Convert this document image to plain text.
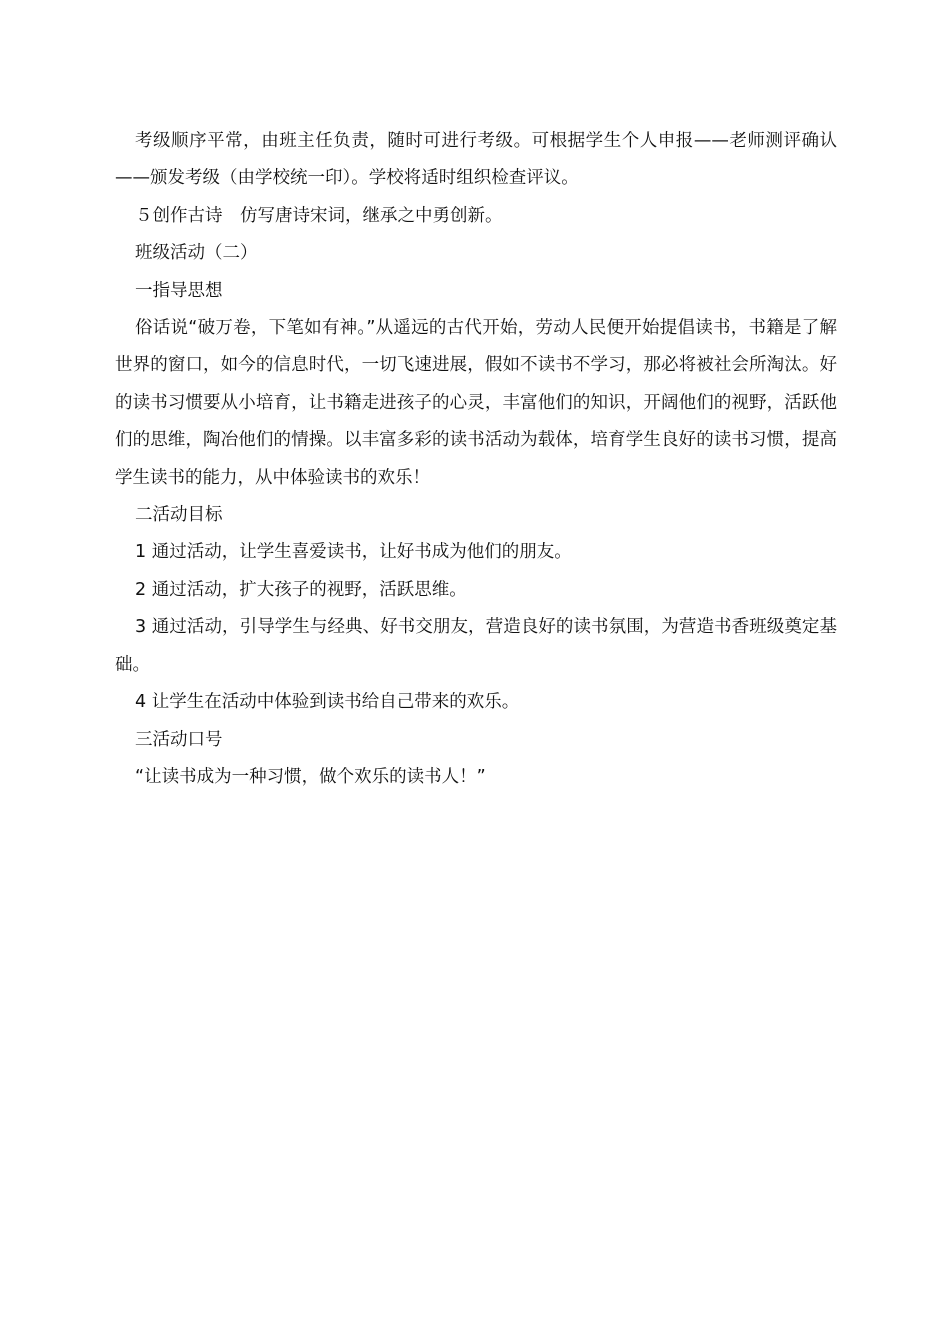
考级顺序平常，由班主任负责，随时可进行考级。可根据学生个人申报——老师测评确认——颁发考级（由学校统一印）。学校将适时组织检查评议。

５创作古诗　仿写唐诗宋词，继承之中勇创新。

班级活动（二）

一指导思想

俗话说“破万卷，下笔如有神。”从遥远的古代开始，劳动人民便开始提倡读书，书籍是了解世界的窗口，如今的信息时代，一切飞速进展，假如不读书不学习，那必将被社会所淘汰。好的读书习惯要从小培育，让书籍走进孩子的心灵，丰富他们的知识，开阔他们的视野，活跃他们的思维，陶冶他们的情操。以丰富多彩的读书活动为载体，培育学生良好的读书习惯，提高学生读书的能力，从中体验读书的欢乐！

二活动目标

1 通过活动，让学生喜爱读书，让好书成为他们的朋友。

2 通过活动，扩大孩子的视野，活跃思维。

3 通过活动，引导学生与经典、好书交朋友，营造良好的读书氛围，为营造书香班级奠定基础。

4 让学生在活动中体验到读书给自己带来的欢乐。

三活动口号

“让读书成为一种习惯，做个欢乐的读书人！”
